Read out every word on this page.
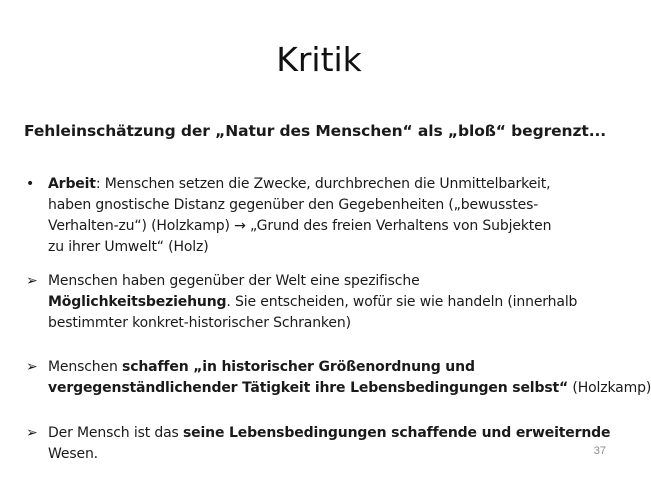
Kritik
Fehleinschätzung der „Natur des Menschen“ als „bloß“ begrenzt...
• Arbeit: Menschen setzen die Zwecke, durchbrechen die Unmittelbarkeit,
haben gnostische Distanz gegenüber den Gegebenheiten („bewusstes-
Verhalten-zu“) (Holzkamp) → „Grund des freien Verhaltens von Subjekten
zu ihrer Umwelt“ (Holz)
➢ Menschen haben gegenüber der Welt eine spezifische
Möglichkeitsbeziehung. Sie entscheiden, wofür sie wie handeln (innerhalb
bestimmter konkret-historischer Schranken)
➢ Menschen schaffen „in historischer Größenordnung und
vergegenständlichender Tätigkeit ihre Lebensbedingungen selbst“ (Holzkamp)
➢ Der Mensch ist das seine Lebensbedingungen schaffende und erweiternde
Wesen.	37
